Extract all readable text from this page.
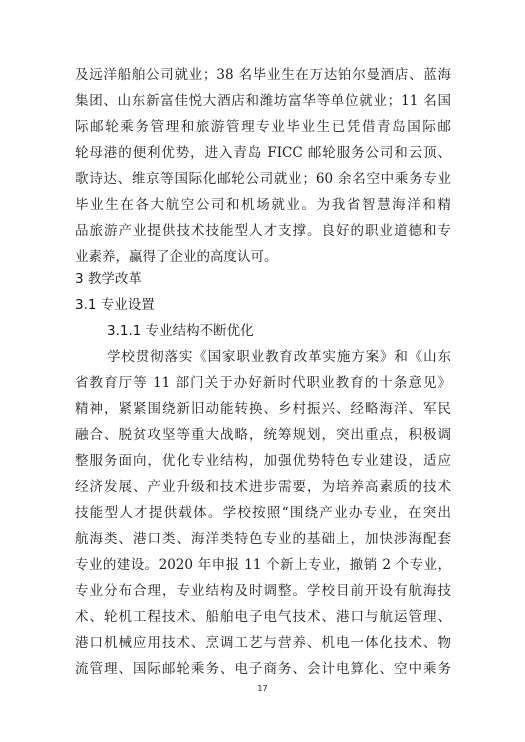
及远洋船舶公司就业；38 名毕业生在万达铂尔曼酒店、蓝海
集团、山东新富佳悦大酒店和潍坊富华等单位就业；11 名国
际邮轮乘务管理和旅游管理专业毕业生已凭借青岛国际邮
轮母港的便利优势，进入青岛 FICC 邮轮服务公司和云顶、
歌诗达、维京等国际化邮轮公司就业；60 余名空中乘务专业
毕业生在各大航空公司和机场就业。为我省智慧海洋和精
品旅游产业提供技术技能型人才支撑。良好的职业道德和专
业素养，赢得了企业的高度认可。
3 教学改革
3.1 专业设置
3.1.1 专业结构不断优化
学校贯彻落实《国家职业教育改革实施方案》和《山东
省教育厅等 11 部门关于办好新时代职业教育的十条意见》
精神，紧紧围绕新旧动能转换、乡村振兴、经略海洋、军民
融合、脱贫攻坚等重大战略，统筹规划，突出重点，积极调
整服务面向，优化专业结构，加强优势特色专业建设，适应
经济发展、产业升级和技术进步需要，为培养高素质的技术
技能型人才提供载体。学校按照“围绕产业办专业，在突出
航海类、港口类、海洋类特色专业的基础上，加快涉海配套
专业的建设。2020 年申报 11 个新上专业，撤销 2 个专业，
专业分布合理，专业结构及时调整。学校目前开设有航海技
术、轮机工程技术、船舶电子电气技术、港口与航运管理、
港口机械应用技术、烹调工艺与营养、机电一体化技术、物
流管理、国际邮轮乘务、电子商务、会计电算化、空中乘务
17
